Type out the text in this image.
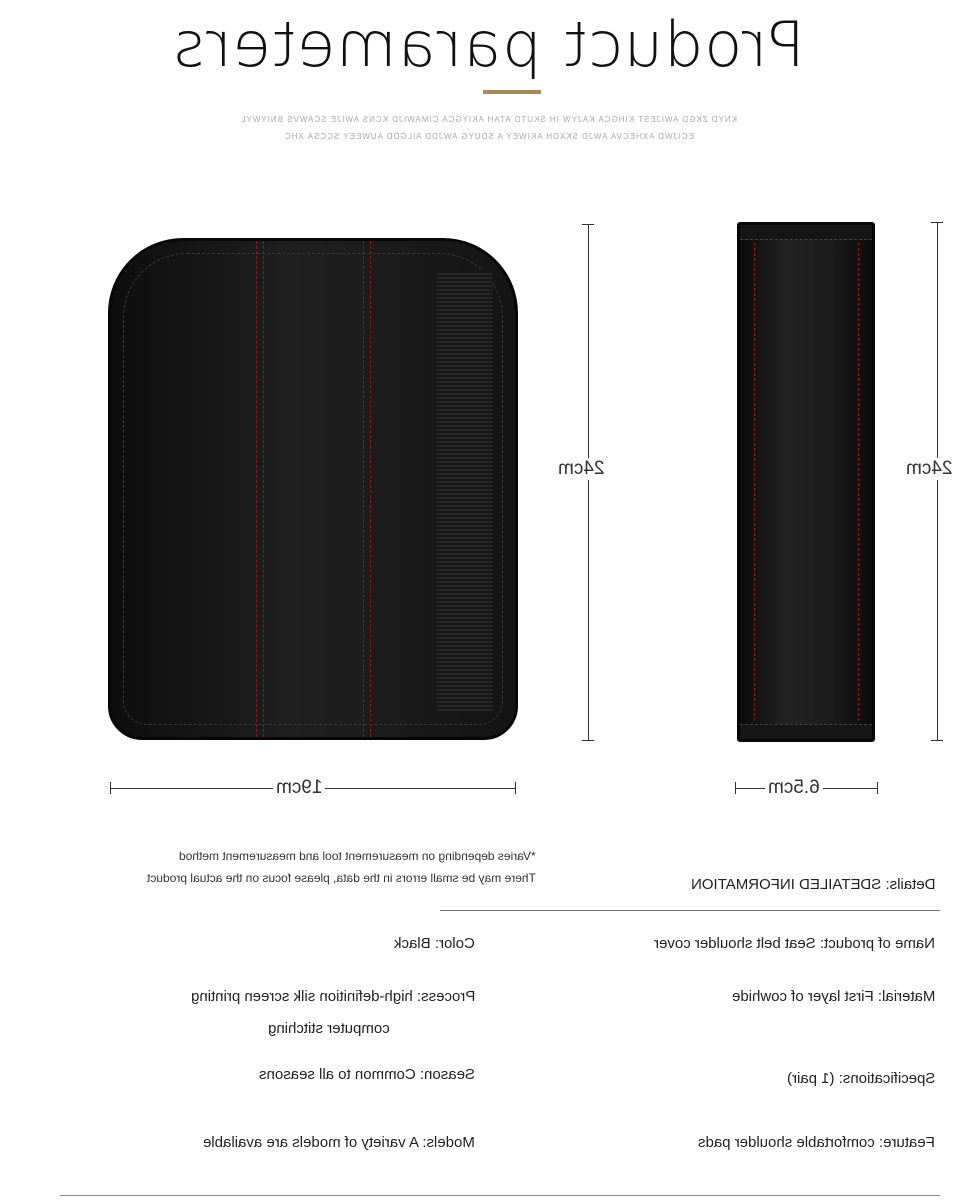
Product parameters
KNYD ZKGD AWIJEST KIHGCA KAJYW IH SKUTD ATAH AKIYGCA CIMAWIJD KCNS AWIJE SCAWVS BNIYWYL
ECIJWD AXHECVA AWJD SKXDH AKIWEY A SDUYG AWJDD AILGDD AUWEEY SCCSA XHC
24cm
19cm
24cm
6.5cm
*Varies depending on measurement tool and measurement method
There may be small errors in the data, please focus on the actual product	Details: SDETAILED INFORMATION
Name of product: Seat belt shoulder cover
Material: First layer of cowhide
Specifications: (1 pair)
Feature: comfortable shoulder pads
Color: Black
Process: high-definition silk screen printing
computer stitching
Season: Common to all seasons
Models: A variety of models are available
